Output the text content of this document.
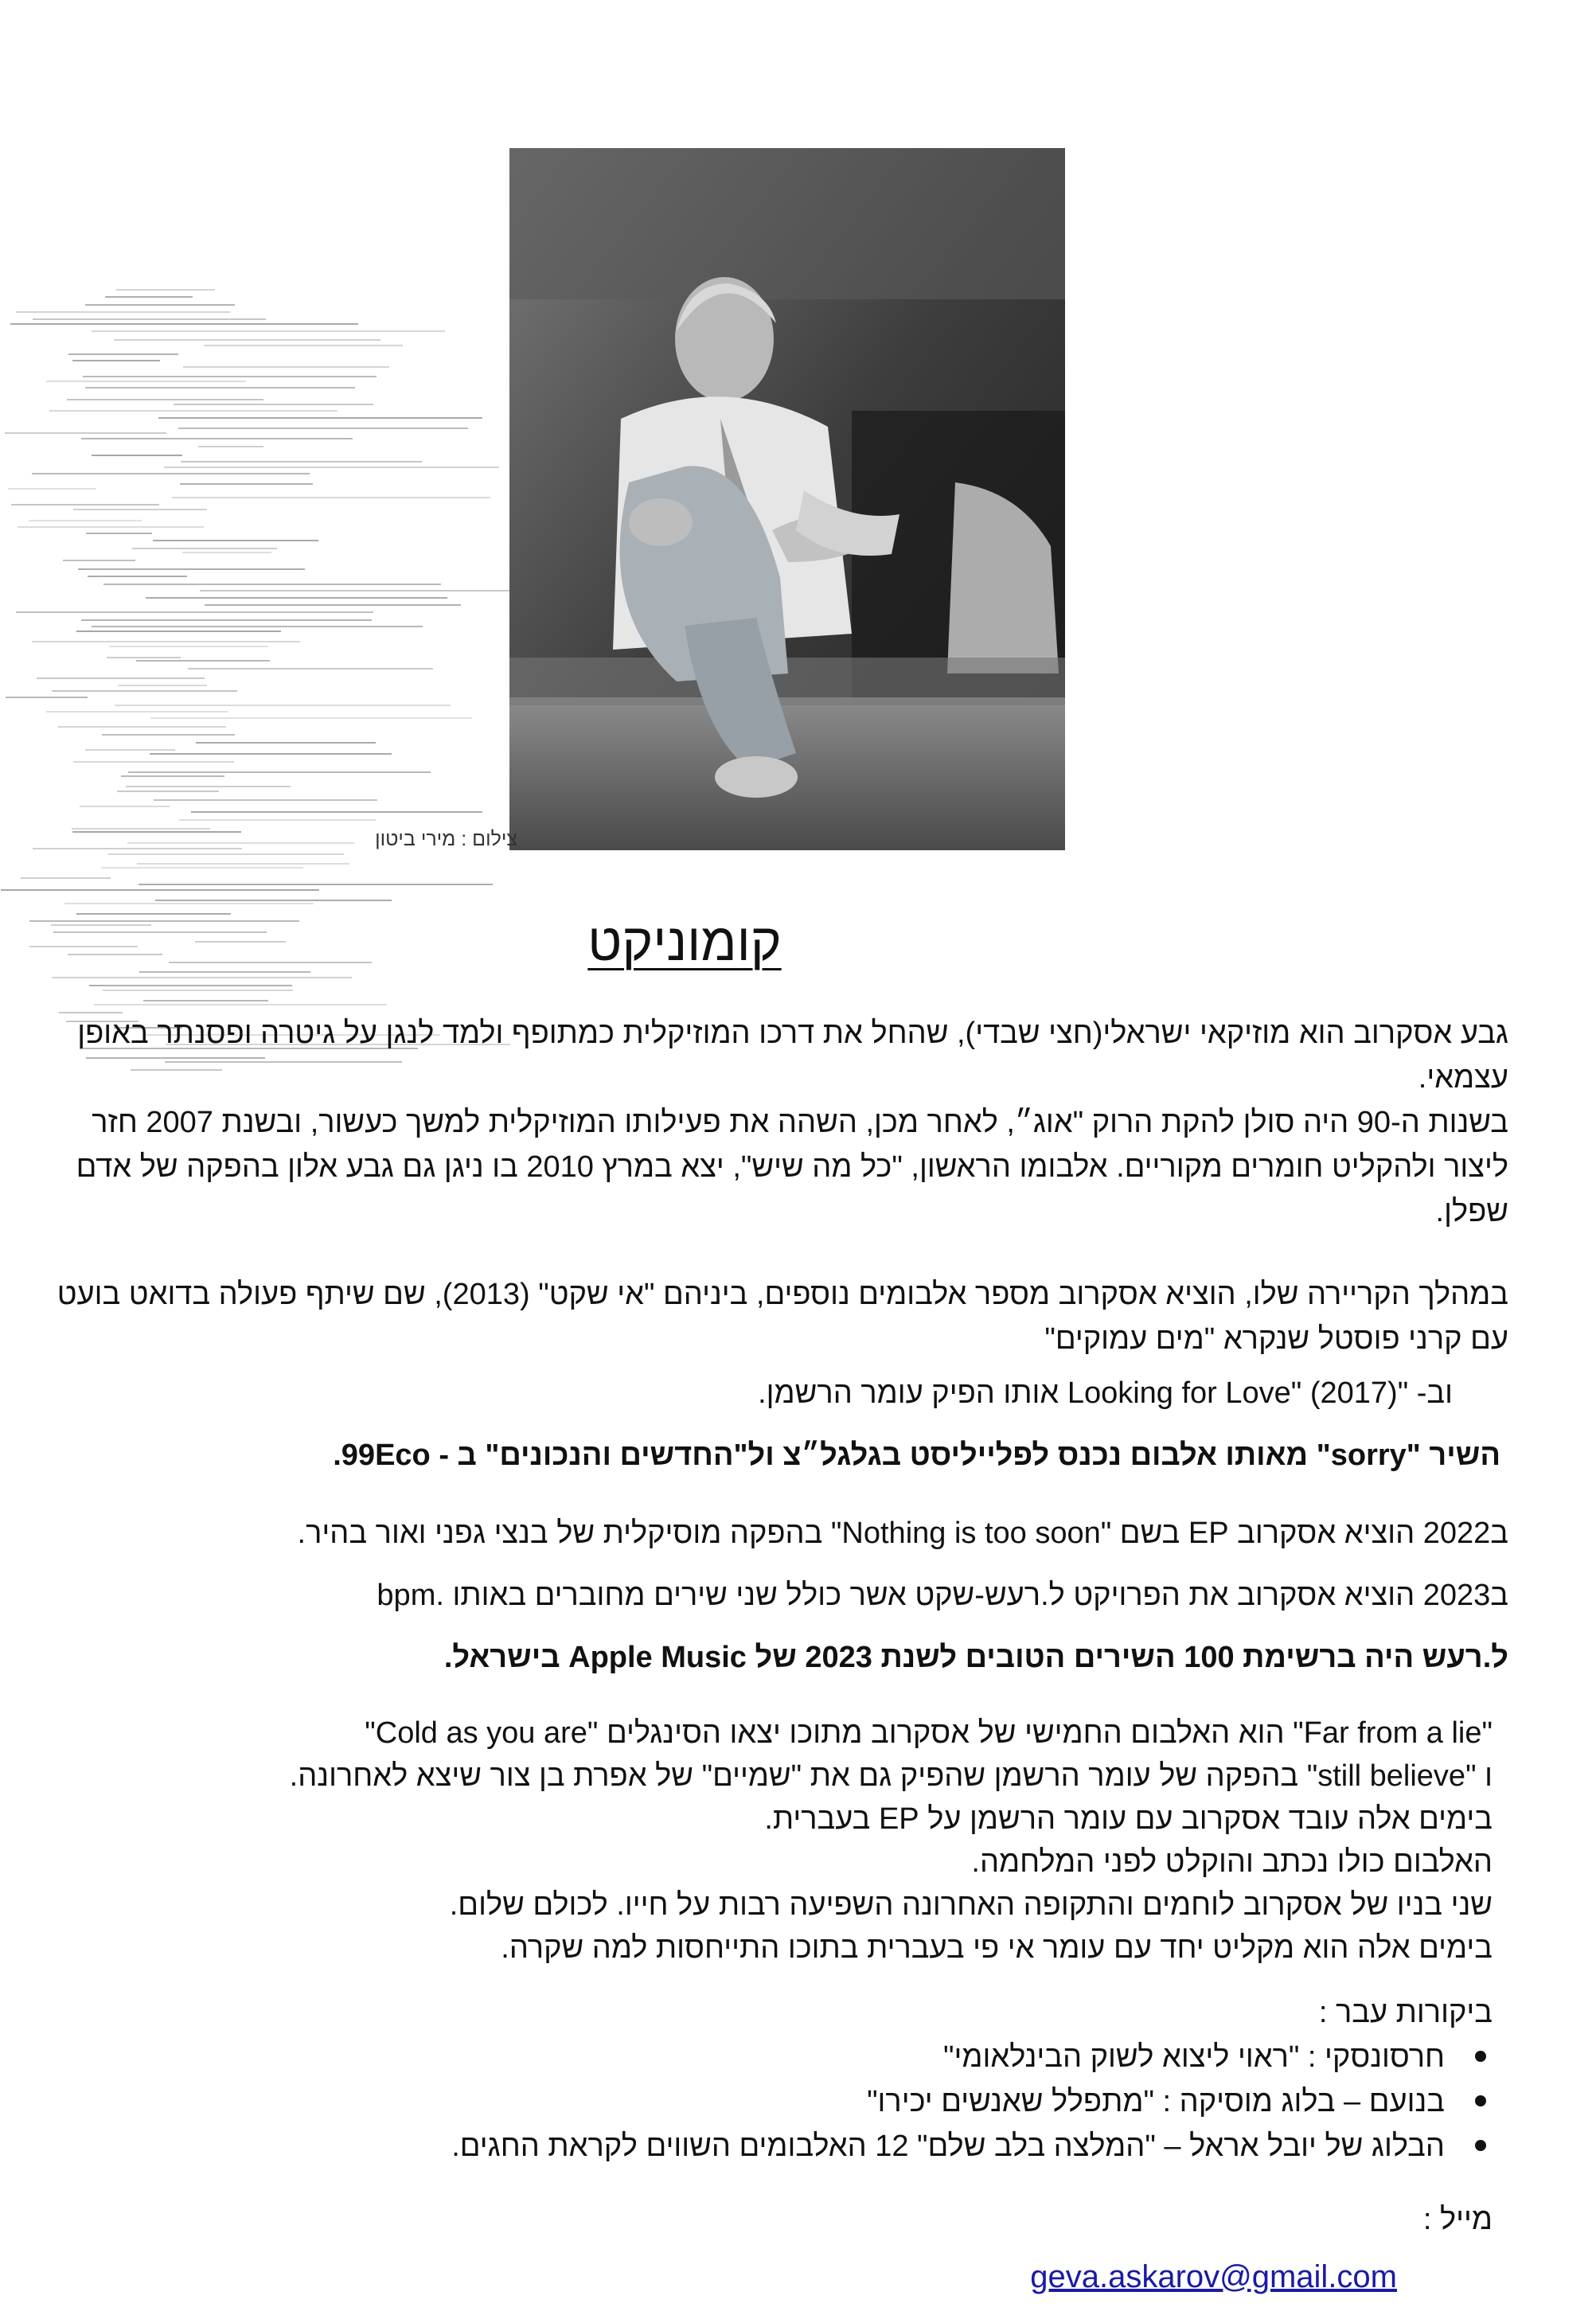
צילום : מירי ביטון
קומוניקט

גבע אסקרוב הוא מוזיקאי ישראלי(חצי שבדי), שהחל את דרכו המוזיקלית כמתופף ולמד לנגן על גיטרה ופסנתר באופן עצמאי.

בשנות ה-90 היה סולן להקת הרוק "אוג״, לאחר מכן, השהה את פעילותו המוזיקלית למשך כעשור, ובשנת 2007 חזר ליצור ולהקליט חומרים מקוריים. אלבומו הראשון, "כל מה שיש", יצא במרץ 2010 בו ניגן גם גבע אלון בהפקה של אדם שפלן.

במהלך הקריירה שלו, הוציא אסקרוב מספר אלבומים נוספים, ביניהם "אי שקט" (2013), שם שיתף פעולה בדואט בועט עם קרני פוסטל שנקרא "מים עמוקים"

וב- "Looking for Love" (2017) אותו הפיק עומר הרשמן.

השיר "sorry" מאותו אלבום נכנס לפלייליסט בגלגל״צ ול"החדשים והנכונים" ב - 99Eco.

ב2022 הוציא אסקרוב EP בשם "Nothing is too soon" בהפקה מוסיקלית של בנצי גפני ואור בהיר.

ב2023 הוציא אסקרוב את הפרויקט ל.רעש-שקט אשר כולל שני שירים מחוברים באותו .bpm

ל.רעש היה ברשימת 100 השירים הטובים לשנת 2023 של Apple Music בישראל.

"Far from a lie" הוא האלבום החמישי של אסקרוב מתוכו יצאו הסינגלים "Cold as you are"

ו "still believe" בהפקה של עומר הרשמן שהפיק גם את "שמיים" של אפרת בן צור שיצא לאחרונה.

בימים אלה עובד אסקרוב עם עומר הרשמן על EP בעברית.

האלבום כולו נכתב והוקלט לפני המלחמה.

שני בניו של אסקרוב לוחמים והתקופה האחרונה השפיעה רבות על חייו. לכולם שלום.

בימים אלה הוא מקליט יחד עם עומר אי פי בעברית בתוכו התייחסות למה שקרה.

ביקורות עבר :
חרסונסקי : "ראוי ליצוא לשוק הבינלאומי"
בנועם – בלוג מוסיקה : "מתפלל שאנשים יכירו"
הבלוג של יובל אראל – "המלצה בלב שלם" 12 האלבומים השווים לקראת החגים.

מייל :

geva.askarov@gmail.com
